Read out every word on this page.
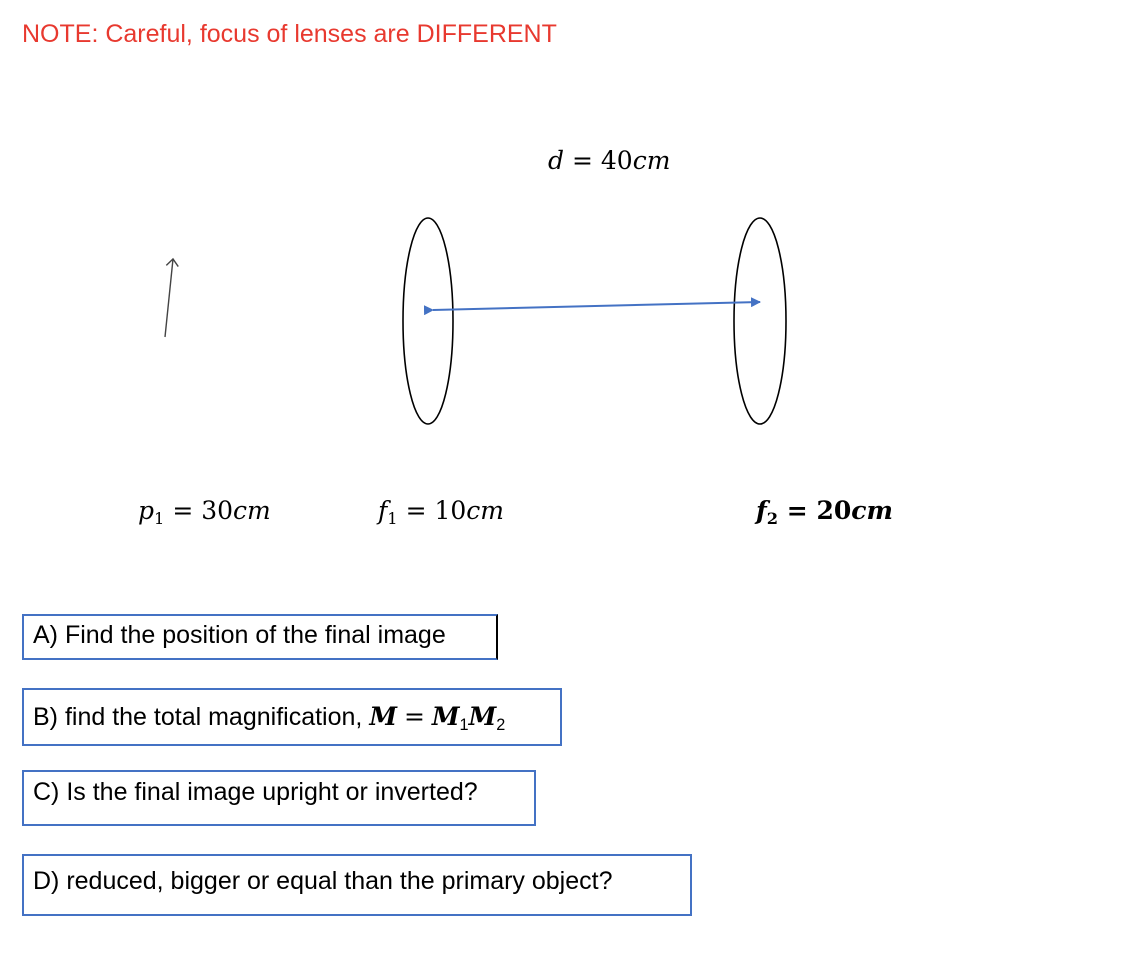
NOTE: Careful, focus of lenses are DIFFERENT
d = 40cm
$p_1 = 30cm$	$f_1 = 10cm$	$f_2 = 20cm$
A) Find the position of the final image
B) find the total magnification, $M = M_1M_2$
C) Is the final image upright or inverted?
D) reduced, bigger or equal than the primary object?
